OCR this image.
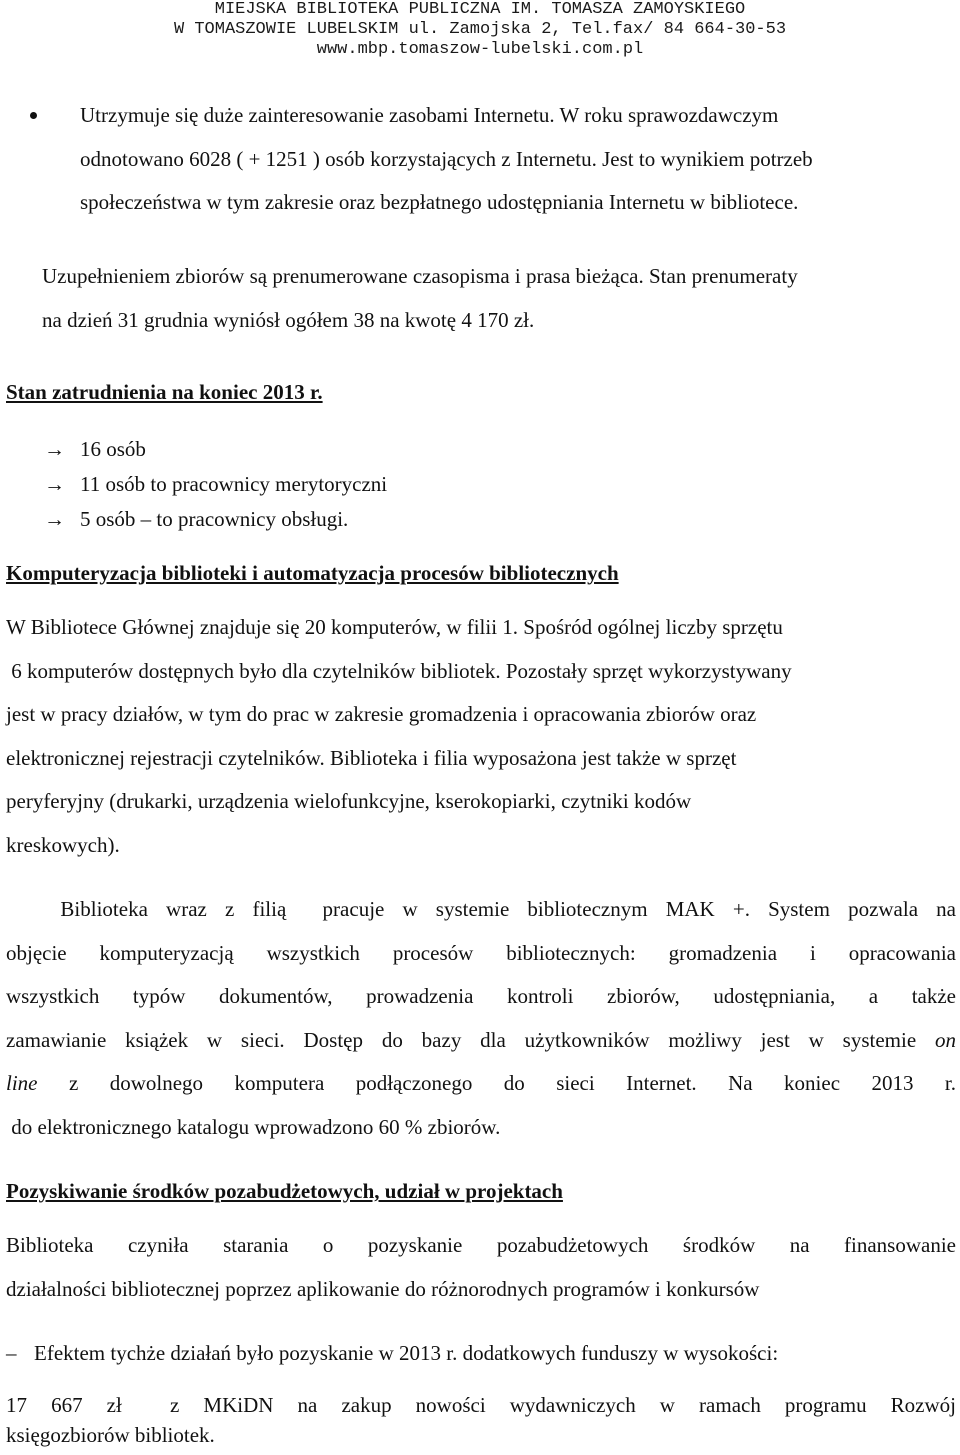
MIEJSKA BIBLIOTEKA PUBLICZNA IM. TOMASZA ZAMOYSKIEGO
W TOMASZOWIE LUBELSKIM ul. Zamojska 2, Tel.fax/ 84 664-30-53
www.mbp.tomaszow-lubelski.com.pl
Utrzymuje się duże zainteresowanie zasobami Internetu. W roku sprawozdawczym
odnotowano 6028 ( + 1251 ) osób korzystających z Internetu. Jest to wynikiem potrzeb
społeczeństwa w tym zakresie oraz bezpłatnego udostępniania Internetu w bibliotece.
Uzupełnieniem zbiorów są prenumerowane czasopisma i prasa bieżąca. Stan prenumeraty
na dzień 31 grudnia wyniósł ogółem 38 na kwotę 4 170 zł.
Stan zatrudnienia na koniec 2013 r.
→ 16 osób
→ 11 osób to pracownicy merytoryczni
→ 5 osób – to pracownicy obsługi.
Komputeryzacja biblioteki i automatyzacja procesów bibliotecznych
W Bibliotece Głównej znajduje się 20 komputerów, w filii 1. Spośród ogólnej liczby sprzętu
6 komputerów dostępnych było dla czytelników bibliotek. Pozostały sprzęt wykorzystywany
jest w pracy działów, w tym do prac w zakresie gromadzenia i opracowania zbiorów oraz
elektronicznej rejestracji czytelników. Biblioteka i filia wyposażona jest także w sprzęt
peryferyjny (drukarki, urządzenia wielofunkcyjne, kserokopiarki, czytniki kodów
kreskowych).
Biblioteka wraz z filią  pracuje w systemie bibliotecznym MAK +. System pozwala na
objęcie komputeryzacją wszystkich procesów bibliotecznych: gromadzenia i opracowania
wszystkich typów dokumentów, prowadzenia kontroli zbiorów, udostępniania, a także
zamawianie książek w sieci. Dostęp do bazy dla użytkowników możliwy jest w systemie on
line z dowolnego komputera podłączonego do sieci Internet. Na koniec 2013 r.
do elektronicznego katalogu wprowadzono 60 % zbiorów.
Pozyskiwanie środków pozabudżetowych, udział w projektach
Biblioteka czyniła starania o pozyskanie pozabudżetowych środków na finansowanie
działalności bibliotecznej poprzez aplikowanie do różnorodnych programów i konkursów
– Efektem tychże działań było pozyskanie w 2013 r. dodatkowych funduszy w wysokości:
17 667 zł  z MKiDN na zakup nowości wydawniczych w ramach programu Rozwój
księgozbiorów bibliotek.
